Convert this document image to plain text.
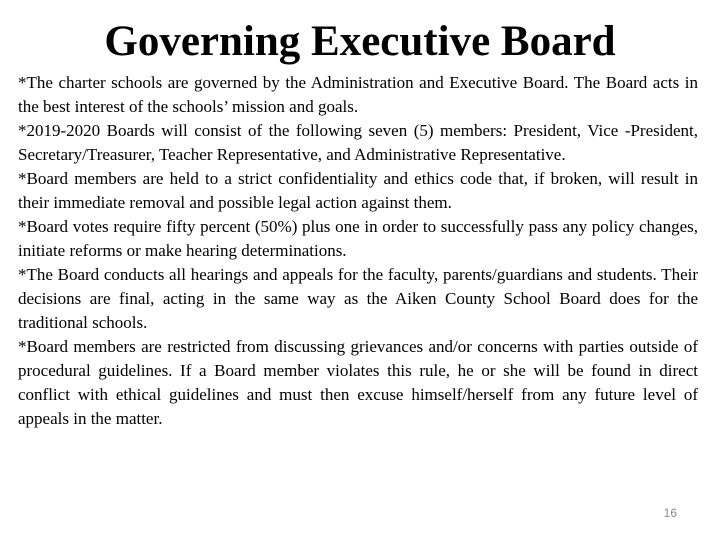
Governing Executive Board

*The charter schools are governed by the Administration and Executive Board. The Board acts in the best interest of the schools’ mission and goals.

*2019-2020 Boards will consist of the following seven (5) members: President, Vice -President, Secretary/Treasurer, Teacher Representative, and Administrative Representative.

*Board members are held to a strict confidentiality and ethics code that, if broken, will result in their immediate removal and possible legal action against them.

*Board votes require fifty percent (50%) plus one in order to successfully pass any policy changes, initiate reforms or make hearing determinations.

*The Board conducts all hearings and appeals for the faculty, parents/guardians and students. Their decisions are final, acting in the same way as the Aiken County School Board does for the traditional schools.

*Board members are restricted from discussing grievances and/or concerns with parties outside of procedural guidelines. If a Board member violates this rule, he or she will be found in direct conflict with ethical guidelines and must then excuse himself/herself from any future level of appeals in the matter.

16
